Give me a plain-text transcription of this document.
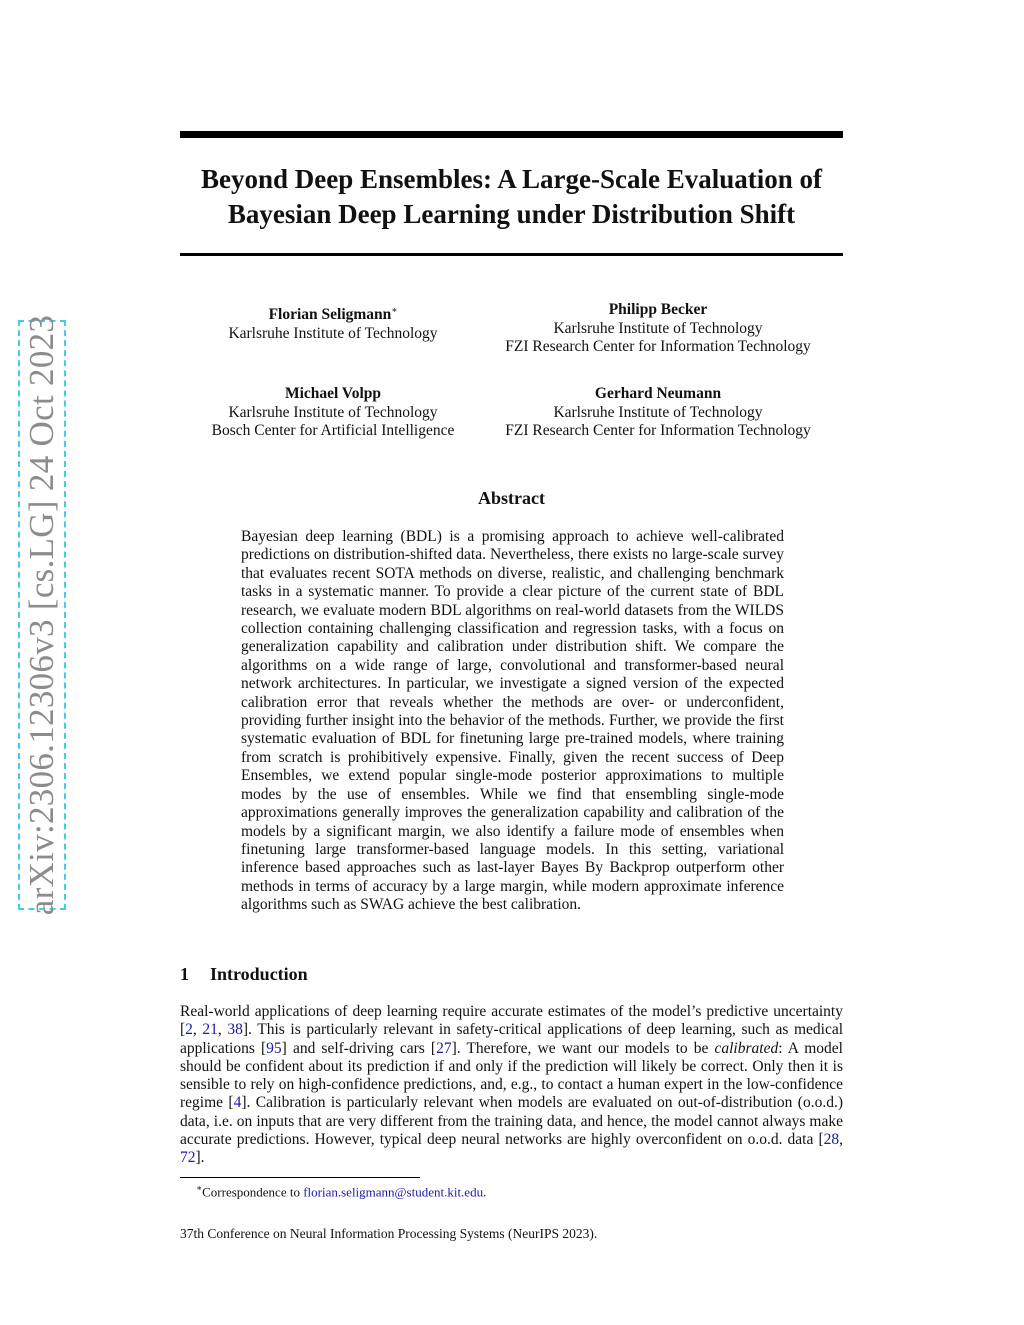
arXiv:2306.12306v3 [cs.LG] 24 Oct 2023
Beyond Deep Ensembles: A Large-Scale Evaluation of Bayesian Deep Learning under Distribution Shift
Florian Seligmann∗
Karlsruhe Institute of Technology
Philipp Becker
Karlsruhe Institute of Technology
FZI Research Center for Information Technology
Michael Volpp
Karlsruhe Institute of Technology
Bosch Center for Artificial Intelligence
Gerhard Neumann
Karlsruhe Institute of Technology
FZI Research Center for Information Technology
Abstract

Bayesian deep learning (BDL) is a promising approach to achieve well-calibrated predictions on distribution-shifted data. Nevertheless, there exists no large-scale survey that evaluates recent SOTA methods on diverse, realistic, and challenging benchmark tasks in a systematic manner. To provide a clear picture of the current state of BDL research, we evaluate modern BDL algorithms on real-world datasets from the WILDS collection containing challenging classification and regression tasks, with a focus on generalization capability and calibration under distribution shift. We compare the algorithms on a wide range of large, convolutional and transformer-based neural network architectures. In particular, we investigate a signed version of the expected calibration error that reveals whether the methods are over- or underconfident, providing further insight into the behavior of the methods. Further, we provide the first systematic evaluation of BDL for finetuning large pre-trained models, where training from scratch is prohibitively expensive. Finally, given the recent success of Deep Ensembles, we extend popular single-mode posterior approximations to multiple modes by the use of ensembles. While we find that ensembling single-mode approximations generally improves the generalization capability and calibration of the models by a significant margin, we also identify a failure mode of ensembles when finetuning large transformer-based language models. In this setting, variational inference based approaches such as last-layer Bayes By Backprop outperform other methods in terms of accuracy by a large margin, while modern approximate inference algorithms such as SWAG achieve the best calibration.

1 Introduction

Real-world applications of deep learning require accurate estimates of the model’s predictive uncertainty [2, 21, 38]. This is particularly relevant in safety-critical applications of deep learning, such as medical applications [95] and self-driving cars [27]. Therefore, we want our models to be calibrated: A model should be confident about its prediction if and only if the prediction will likely be correct. Only then it is sensible to rely on high-confidence predictions, and, e.g., to contact a human expert in the low-confidence regime [4]. Calibration is particularly relevant when models are evaluated on out-of-distribution (o.o.d.) data, i.e. on inputs that are very different from the training data, and hence, the model cannot always make accurate predictions. However, typical deep neural networks are highly overconfident on o.o.d. data [28, 72].

∗Correspondence to florian.seligmann@student.kit.edu.
37th Conference on Neural Information Processing Systems (NeurIPS 2023).
